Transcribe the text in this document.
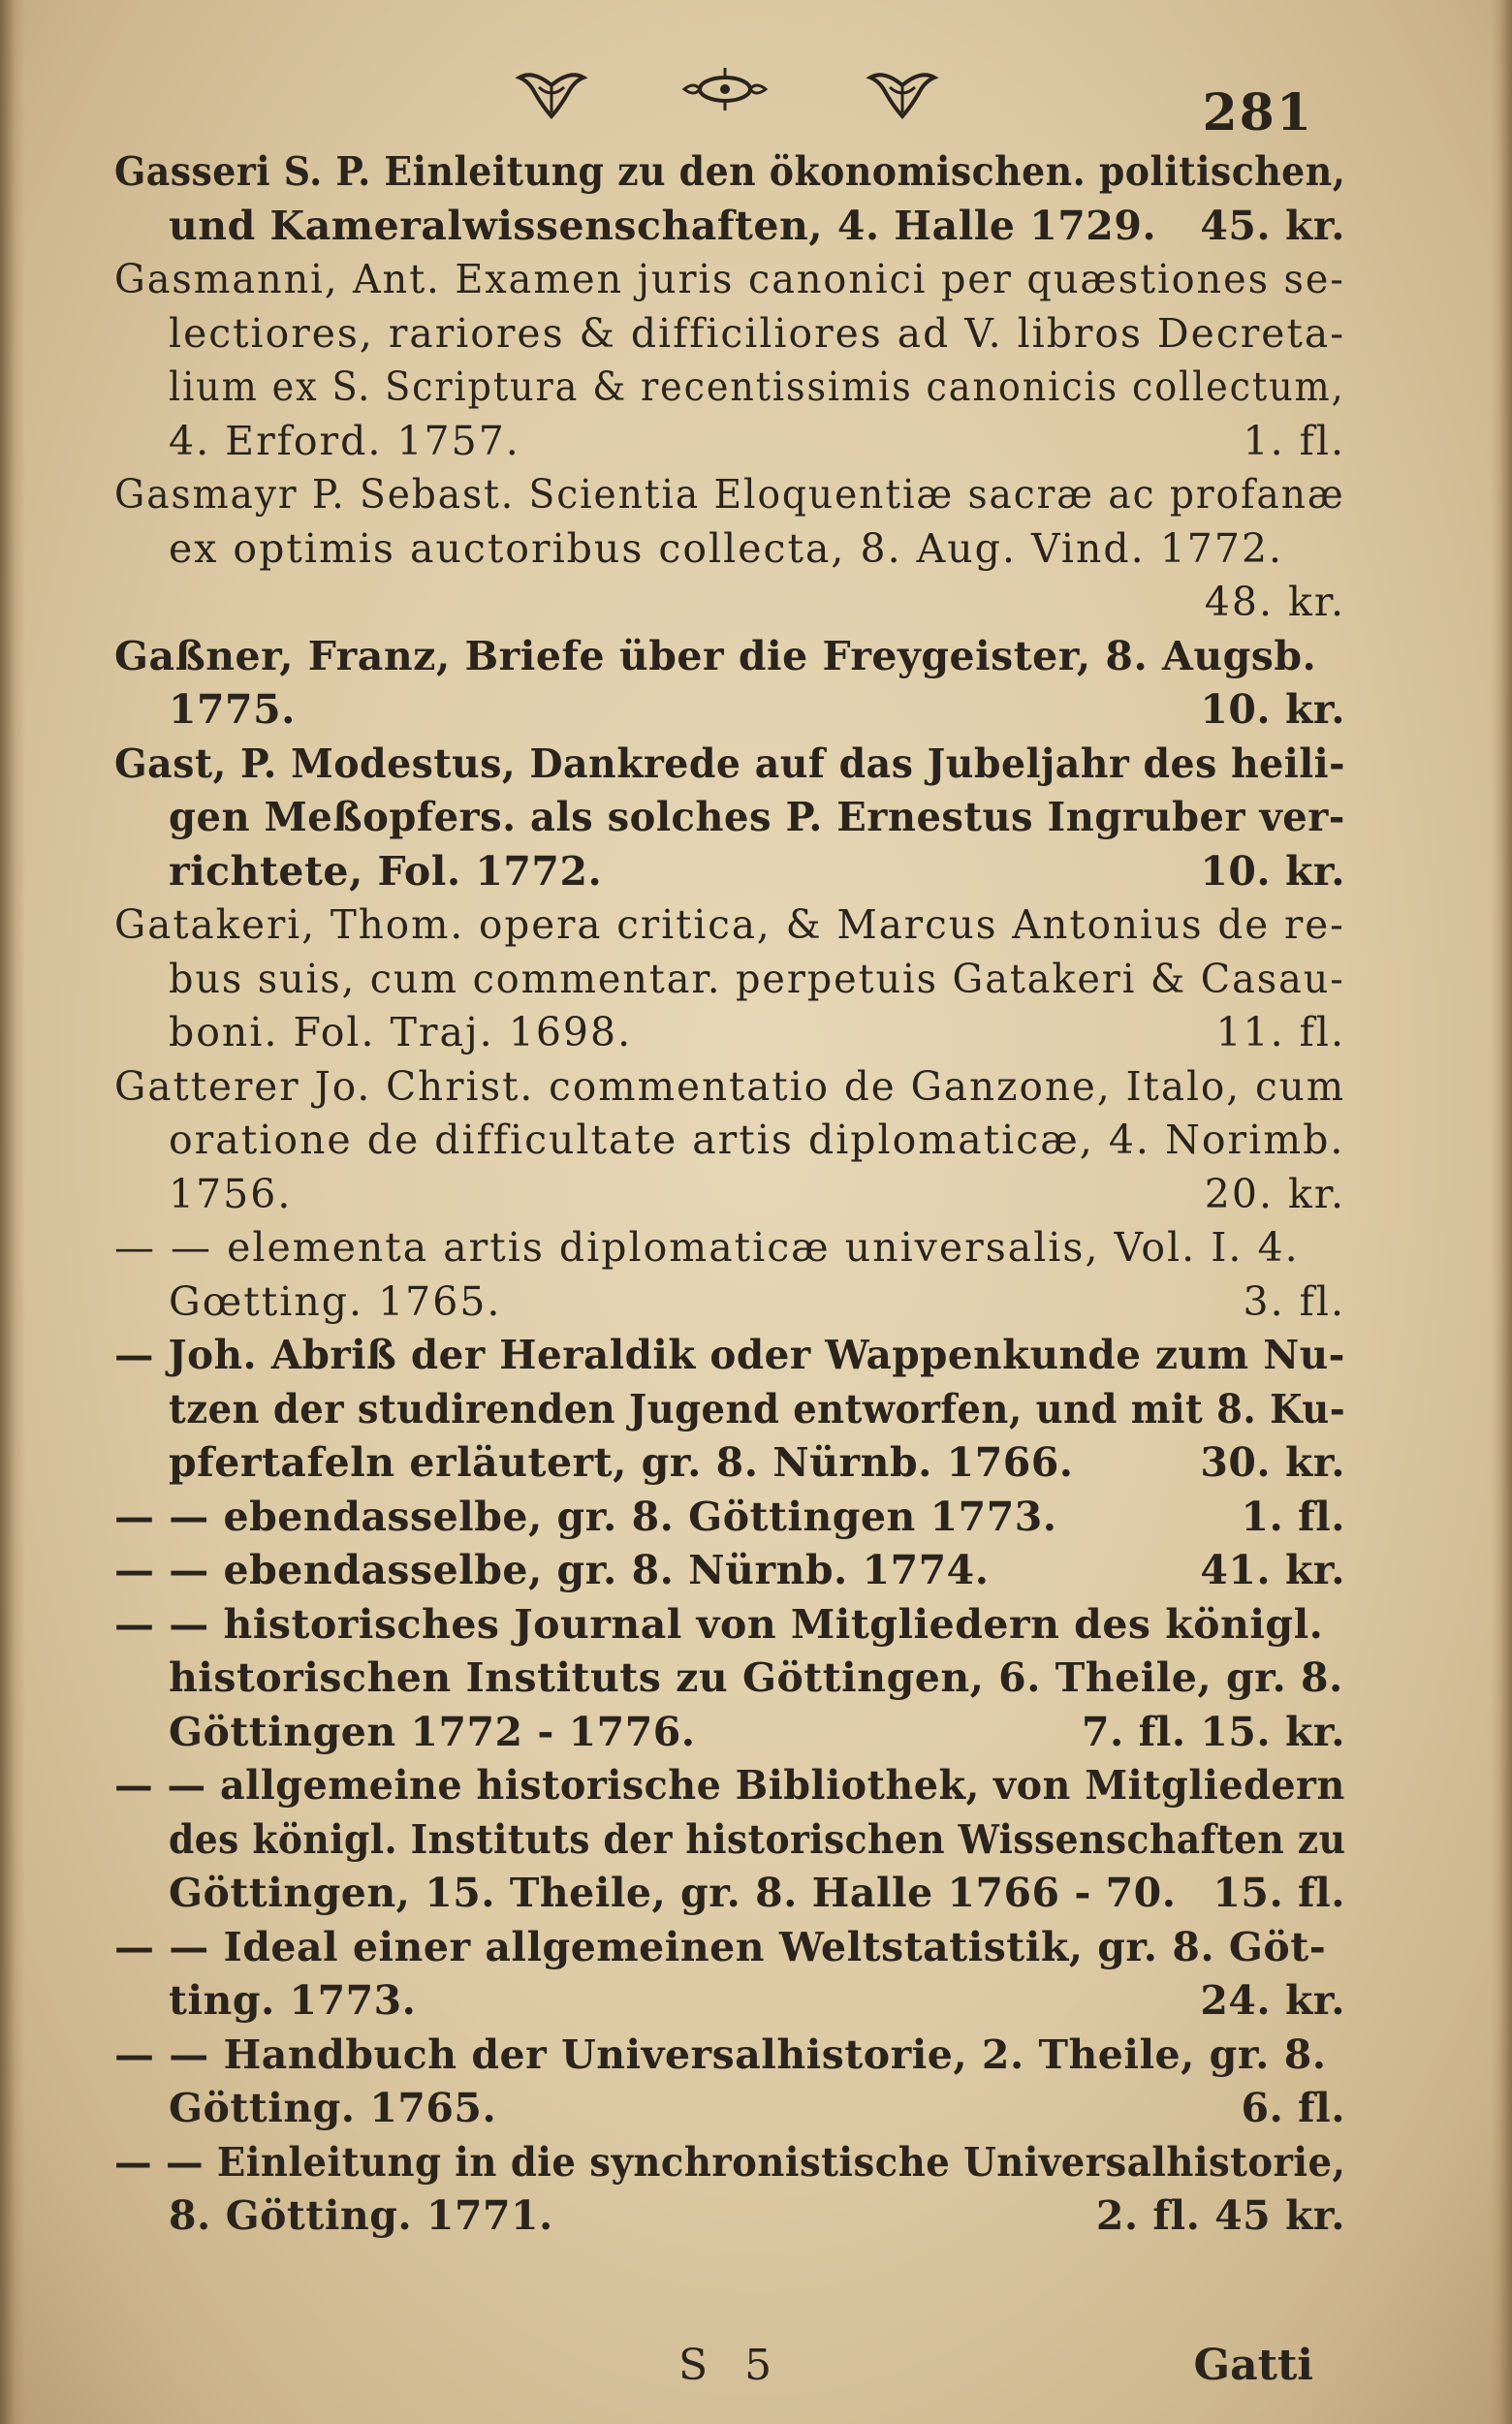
281
Gasseri S. P. Einleitung zu den ökonomischen. politischen,
und Kameralwissenschaften, 4. Halle 1729. 45. kr.
Gasmanni, Ant. Examen juris canonici per quæstiones se-
lectiores, rariores & difficiliores ad V. libros Decreta-
lium ex S. Scriptura & recentissimis canonicis collectum,
4. Erford. 1757.	1. fl.
Gasmayr P. Sebast. Scientia Eloquentiæ sacræ ac profanæ
ex optimis auctoribus collecta, 8. Aug. Vind. 1772.
48. kr.
Gaßner, Franz, Briefe über die Freygeister, 8. Augsb.
1775.	10. kr.
Gast, P. Modestus, Dankrede auf das Jubeljahr des heili-
gen Meßopfers. als solches P. Ernestus Ingruber ver-
richtete, Fol. 1772.	10. kr.
Gatakeri, Thom. opera critica, & Marcus Antonius de re-
bus suis, cum commentar. perpetuis Gatakeri & Casau-
boni. Fol. Traj. 1698.	11. fl.
Gatterer Jo. Christ. commentatio de Ganzone, Italo, cum
oratione de difficultate artis diplomaticæ, 4. Norimb.
1756.	20. kr.
— — elementa artis diplomaticæ universalis, Vol. I. 4.
Gœtting. 1765.	3. fl.
— Joh. Abriß der Heraldik oder Wappenkunde zum Nu-
tzen der studirenden Jugend entworfen, und mit 8. Ku-
pfertafeln erläutert, gr. 8. Nürnb. 1766.	30. kr.
— — ebendasselbe, gr. 8. Göttingen 1773.	1. fl.
— — ebendasselbe, gr. 8. Nürnb. 1774.	41. kr.
— — historisches Journal von Mitgliedern des königl.
historischen Instituts zu Göttingen, 6. Theile, gr. 8.
Göttingen 1772 - 1776.	7. fl. 15. kr.
— — allgemeine historische Bibliothek, von Mitgliedern
des königl. Instituts der historischen Wissenschaften zu
Göttingen, 15. Theile, gr. 8. Halle 1766 - 70. 15. fl.
— — Ideal einer allgemeinen Weltstatistik, gr. 8. Göt-
ting. 1773.	24. kr.
— — Handbuch der Universalhistorie, 2. Theile, gr. 8.
Götting. 1765.	6. fl.
— — Einleitung in die synchronistische Universalhistorie,
8. Götting. 1771.	2. fl. 45 kr.
S 5	Gatti
